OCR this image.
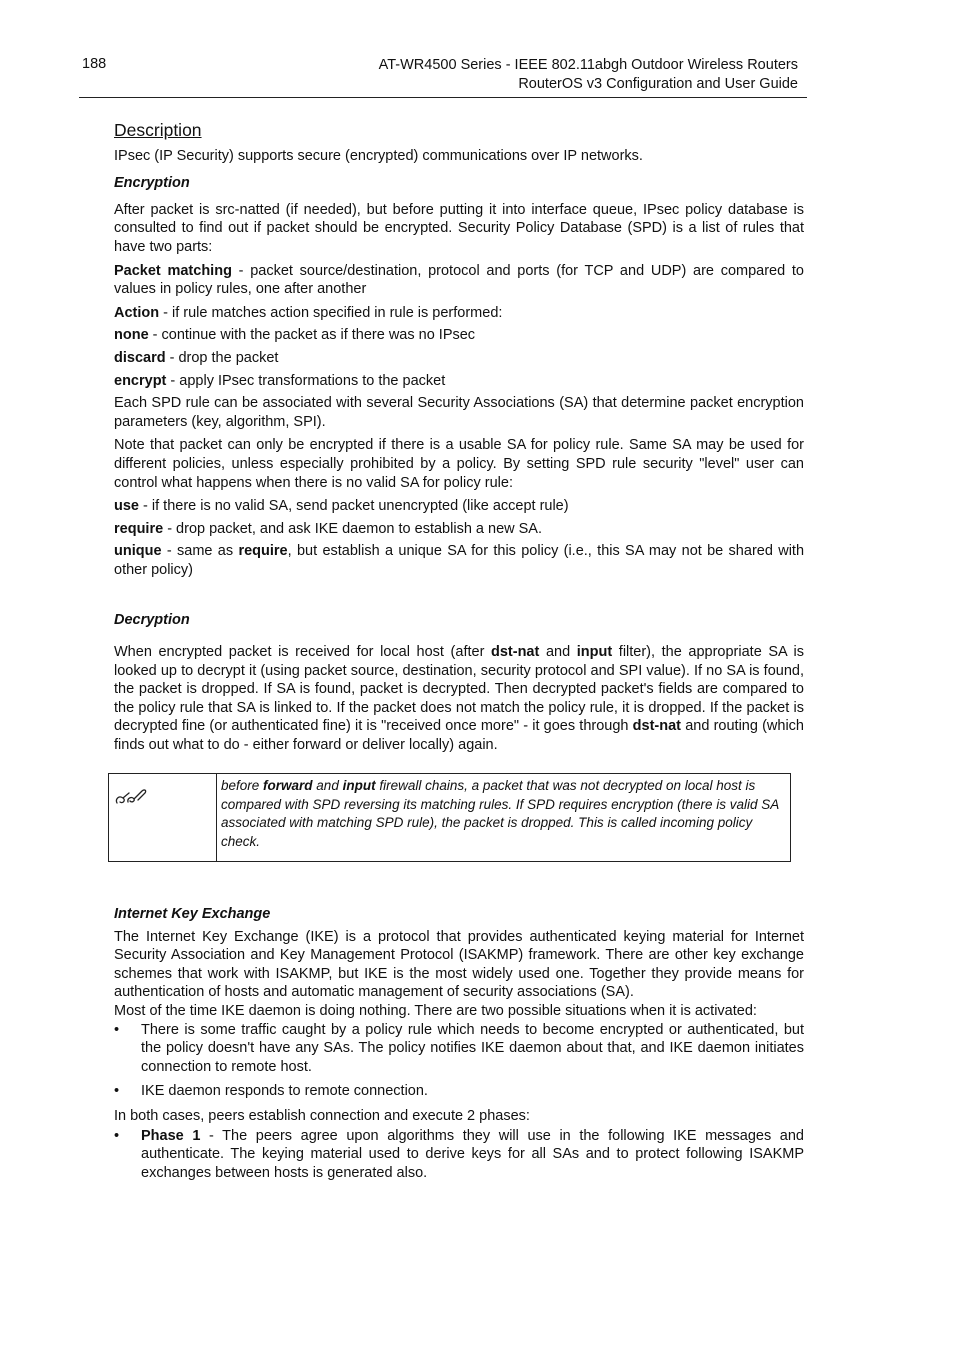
188	AT-WR4500 Series - IEEE 802.11abgh Outdoor Wireless Routers
RouterOS v3 Configuration and User Guide
Description

IPsec (IP Security) supports secure (encrypted) communications over IP networks.

Encryption

After packet is src-natted (if needed), but before putting it into interface queue, IPsec policy database is consulted to find out if packet should be encrypted. Security Policy Database (SPD) is a list of rules that have two parts:

Packet matching - packet source/destination, protocol and ports (for TCP and UDP) are compared to values in policy rules, one after another

Action - if rule matches action specified in rule is performed:

none - continue with the packet as if there was no IPsec

discard - drop the packet

encrypt - apply IPsec transformations to the packet

Each SPD rule can be associated with several Security Associations (SA) that determine packet encryption parameters (key, algorithm, SPI).

Note that packet can only be encrypted if there is a usable SA for policy rule. Same SA may be used for different policies, unless especially prohibited by a policy. By setting SPD rule security "level" user can control what happens when there is no valid SA for policy rule:

use - if there is no valid SA, send packet unencrypted (like accept rule)

require - drop packet, and ask IKE daemon to establish a new SA.

unique - same as require, but establish a unique SA for this policy (i.e., this SA may not be shared with other policy)

Decryption

When encrypted packet is received for local host (after dst-nat and input filter), the appropriate SA is looked up to decrypt it (using packet source, destination, security protocol and SPI value). If no SA is found, the packet is dropped. If SA is found, packet is decrypted. Then decrypted packet's fields are compared to the policy rule that SA is linked to. If the packet does not match the policy rule, it is dropped. If the packet is decrypted fine (or authenticated fine) it is "received once more" - it goes through dst-nat and routing (which finds out what to do - either forward or deliver locally) again.

before forward and input firewall chains, a packet that was not decrypted on local host is compared with SPD reversing its matching rules. If SPD requires encryption (there is valid SA associated with matching SPD rule), the packet is dropped. This is called incoming policy check.
Internet Key Exchange

The Internet Key Exchange (IKE) is a protocol that provides authenticated keying material for Internet Security Association and Key Management Protocol (ISAKMP) framework. There are other key exchange schemes that work with ISAKMP, but IKE is the most widely used one. Together they provide means for authentication of hosts and automatic management of security associations (SA).

Most of the time IKE daemon is doing nothing. There are two possible situations when it is activated:

• There is some traffic caught by a policy rule which needs to become encrypted or authenticated, but the policy doesn't have any SAs. The policy notifies IKE daemon about that, and IKE daemon initiates connection to remote host.
• IKE daemon responds to remote connection.

In both cases, peers establish connection and execute 2 phases:

• Phase 1 - The peers agree upon algorithms they will use in the following IKE messages and authenticate. The keying material used to derive keys for all SAs and to protect following ISAKMP exchanges between hosts is generated also.
